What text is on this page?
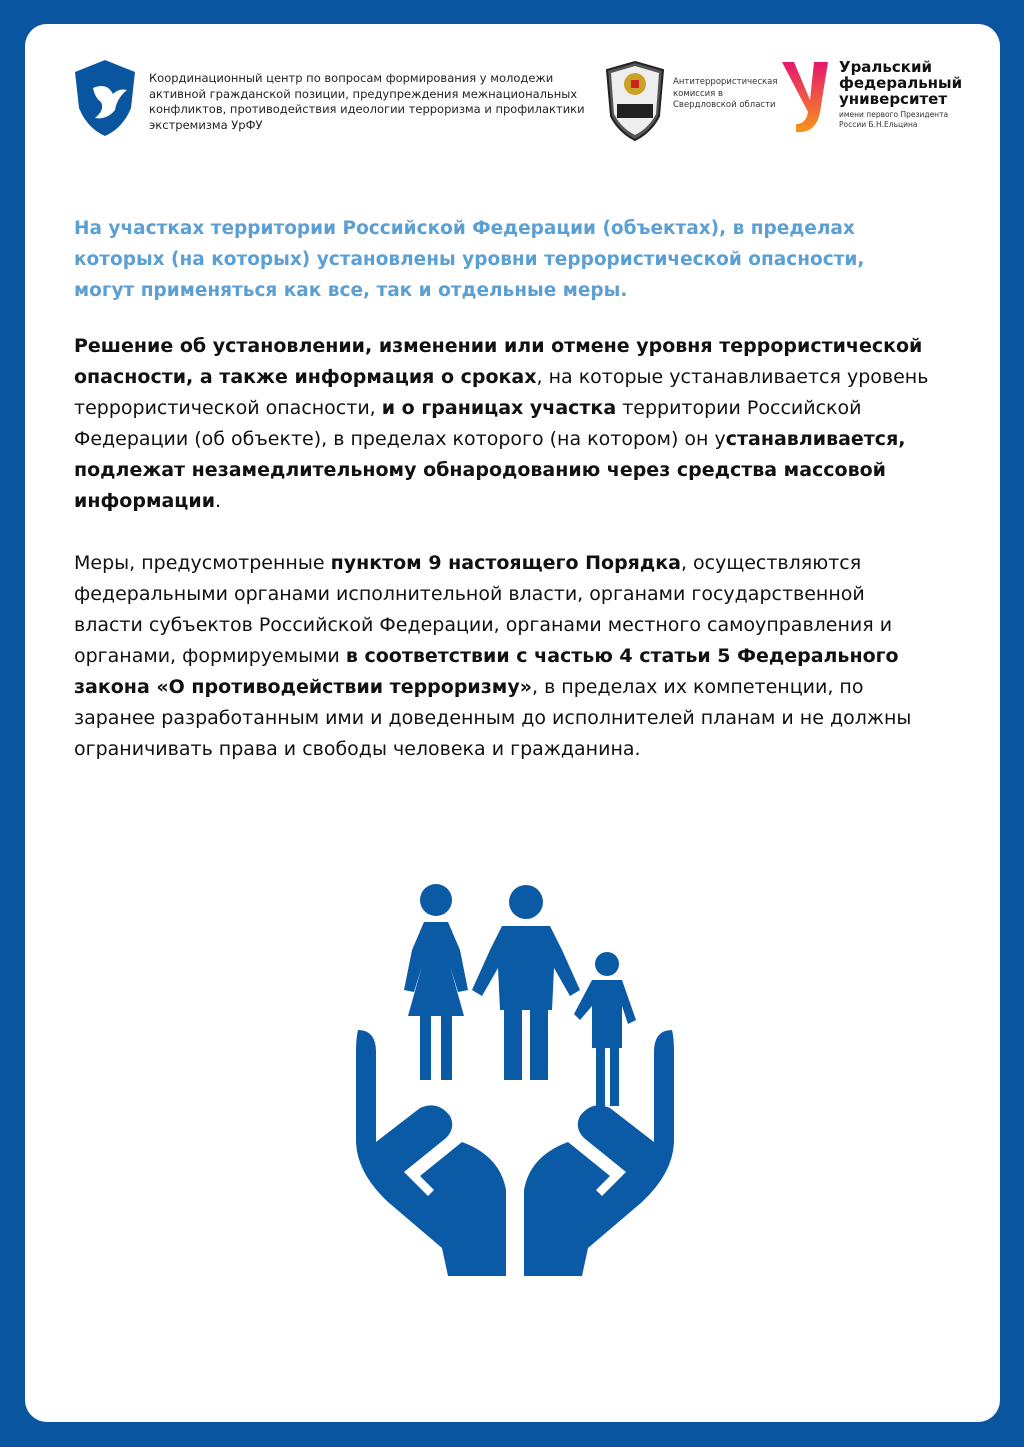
Координационный центр по вопросам формирования у молодежи активной гражданской позиции, предупреждения межнациональных конфликтов, противодействия идеологии терроризма и профилактики экстремизма УрФУ
Антитеррористическая комиссия в Свердловской области
Уральский федеральный университет
имени первого Президента России Б.Н.Ельцина
На участках территории Российской Федерации (объектах), в пределах которых (на которых) установлены уровни террористической опасности, могут применяться как все, так и отдельные меры.
Решение об установлении, изменении или отмене уровня террористической опасности, а также информация о сроках, на которые устанавливается уровень террористической опасности, и о границах участка территории Российской Федерации (об объекте), в пределах которого (на котором) он устанавливается, подлежат незамедлительному обнародованию через средства массовой информации.
Меры, предусмотренные пунктом 9 настоящего Порядка, осуществляются федеральными органами исполнительной власти, органами государственной власти субъектов Российской Федерации, органами местного самоуправления и органами, формируемыми в соответствии с частью 4 статьи 5 Федерального закона «О противодействии терроризму», в пределах их компетенции, по заранее разработанным ими и доведенным до исполнителей планам и не должны ограничивать права и свободы человека и гражданина.
